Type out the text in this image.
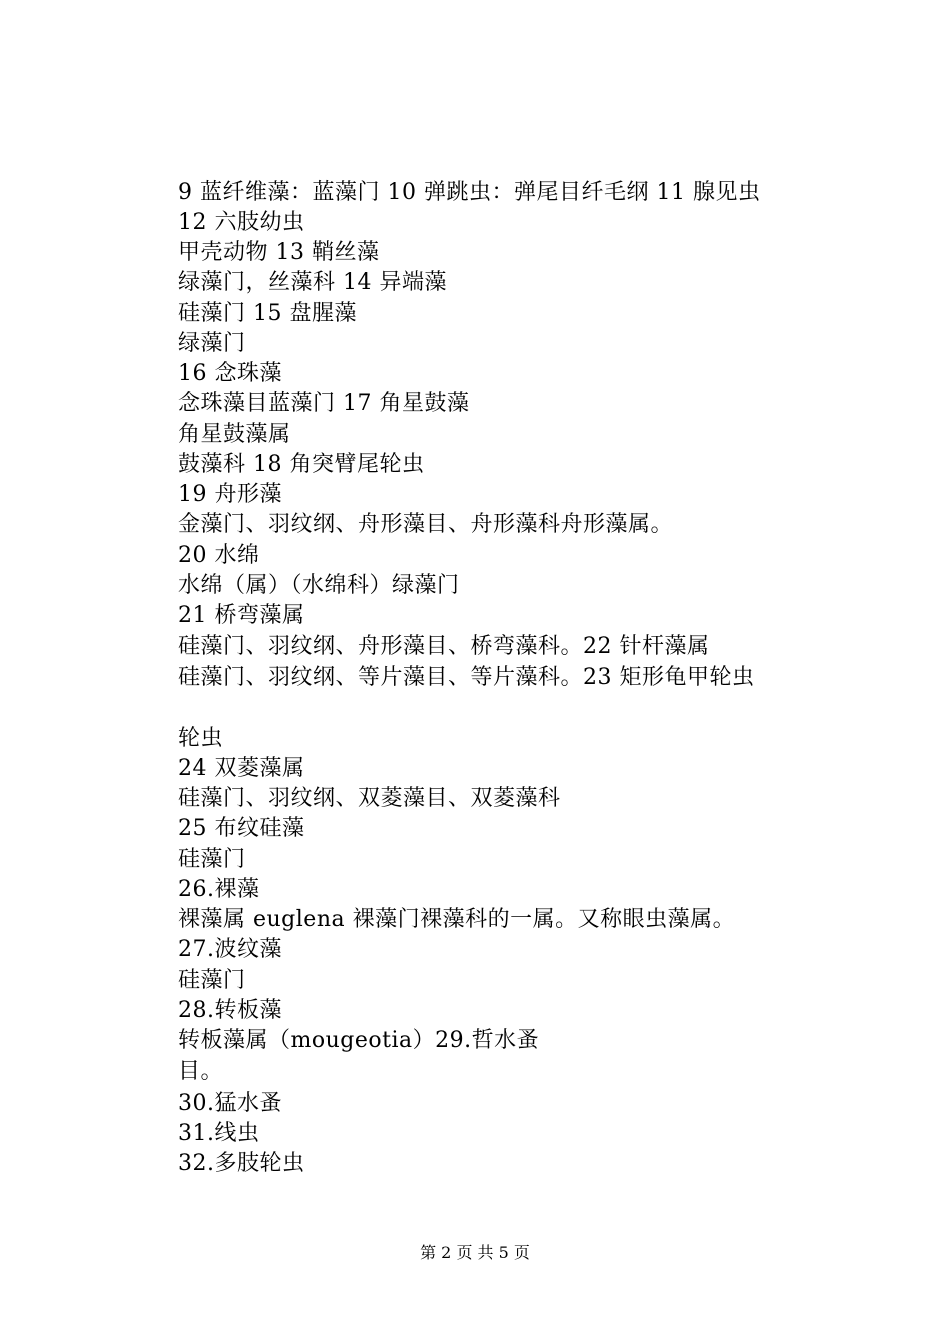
9 蓝纤维藻：蓝藻门 10 弹跳虫：弹尾目纤毛纲 11 腺见虫
12 六肢幼虫
甲壳动物 13 鞘丝藻
绿藻门，丝藻科 14 异端藻
硅藻门 15 盘腥藻
绿藻门
16 念珠藻
念珠藻目蓝藻门 17 角星鼓藻
角星鼓藻属
鼓藻科 18 角突臂尾轮虫
19 舟形藻
金藻门、羽纹纲、舟形藻目、舟形藻科舟形藻属。
20 水绵
水绵（属）（水绵科）绿藻门
21 桥弯藻属
硅藻门、羽纹纲、舟形藻目、桥弯藻科。22 针杆藻属
硅藻门、羽纹纲、等片藻目、等片藻科。23 矩形龟甲轮虫
轮虫
24 双菱藻属
硅藻门、羽纹纲、双菱藻目、双菱藻科
25 布纹硅藻
硅藻门
26.裸藻
裸藻属 euglena 裸藻门裸藻科的一属。又称眼虫藻属。
27.波纹藻
硅藻门
28.转板藻
转板藻属（mougeotia）29.哲水蚤
目。
30.猛水蚤
31.线虫
32.多肢轮虫
第 2 页 共 5 页
